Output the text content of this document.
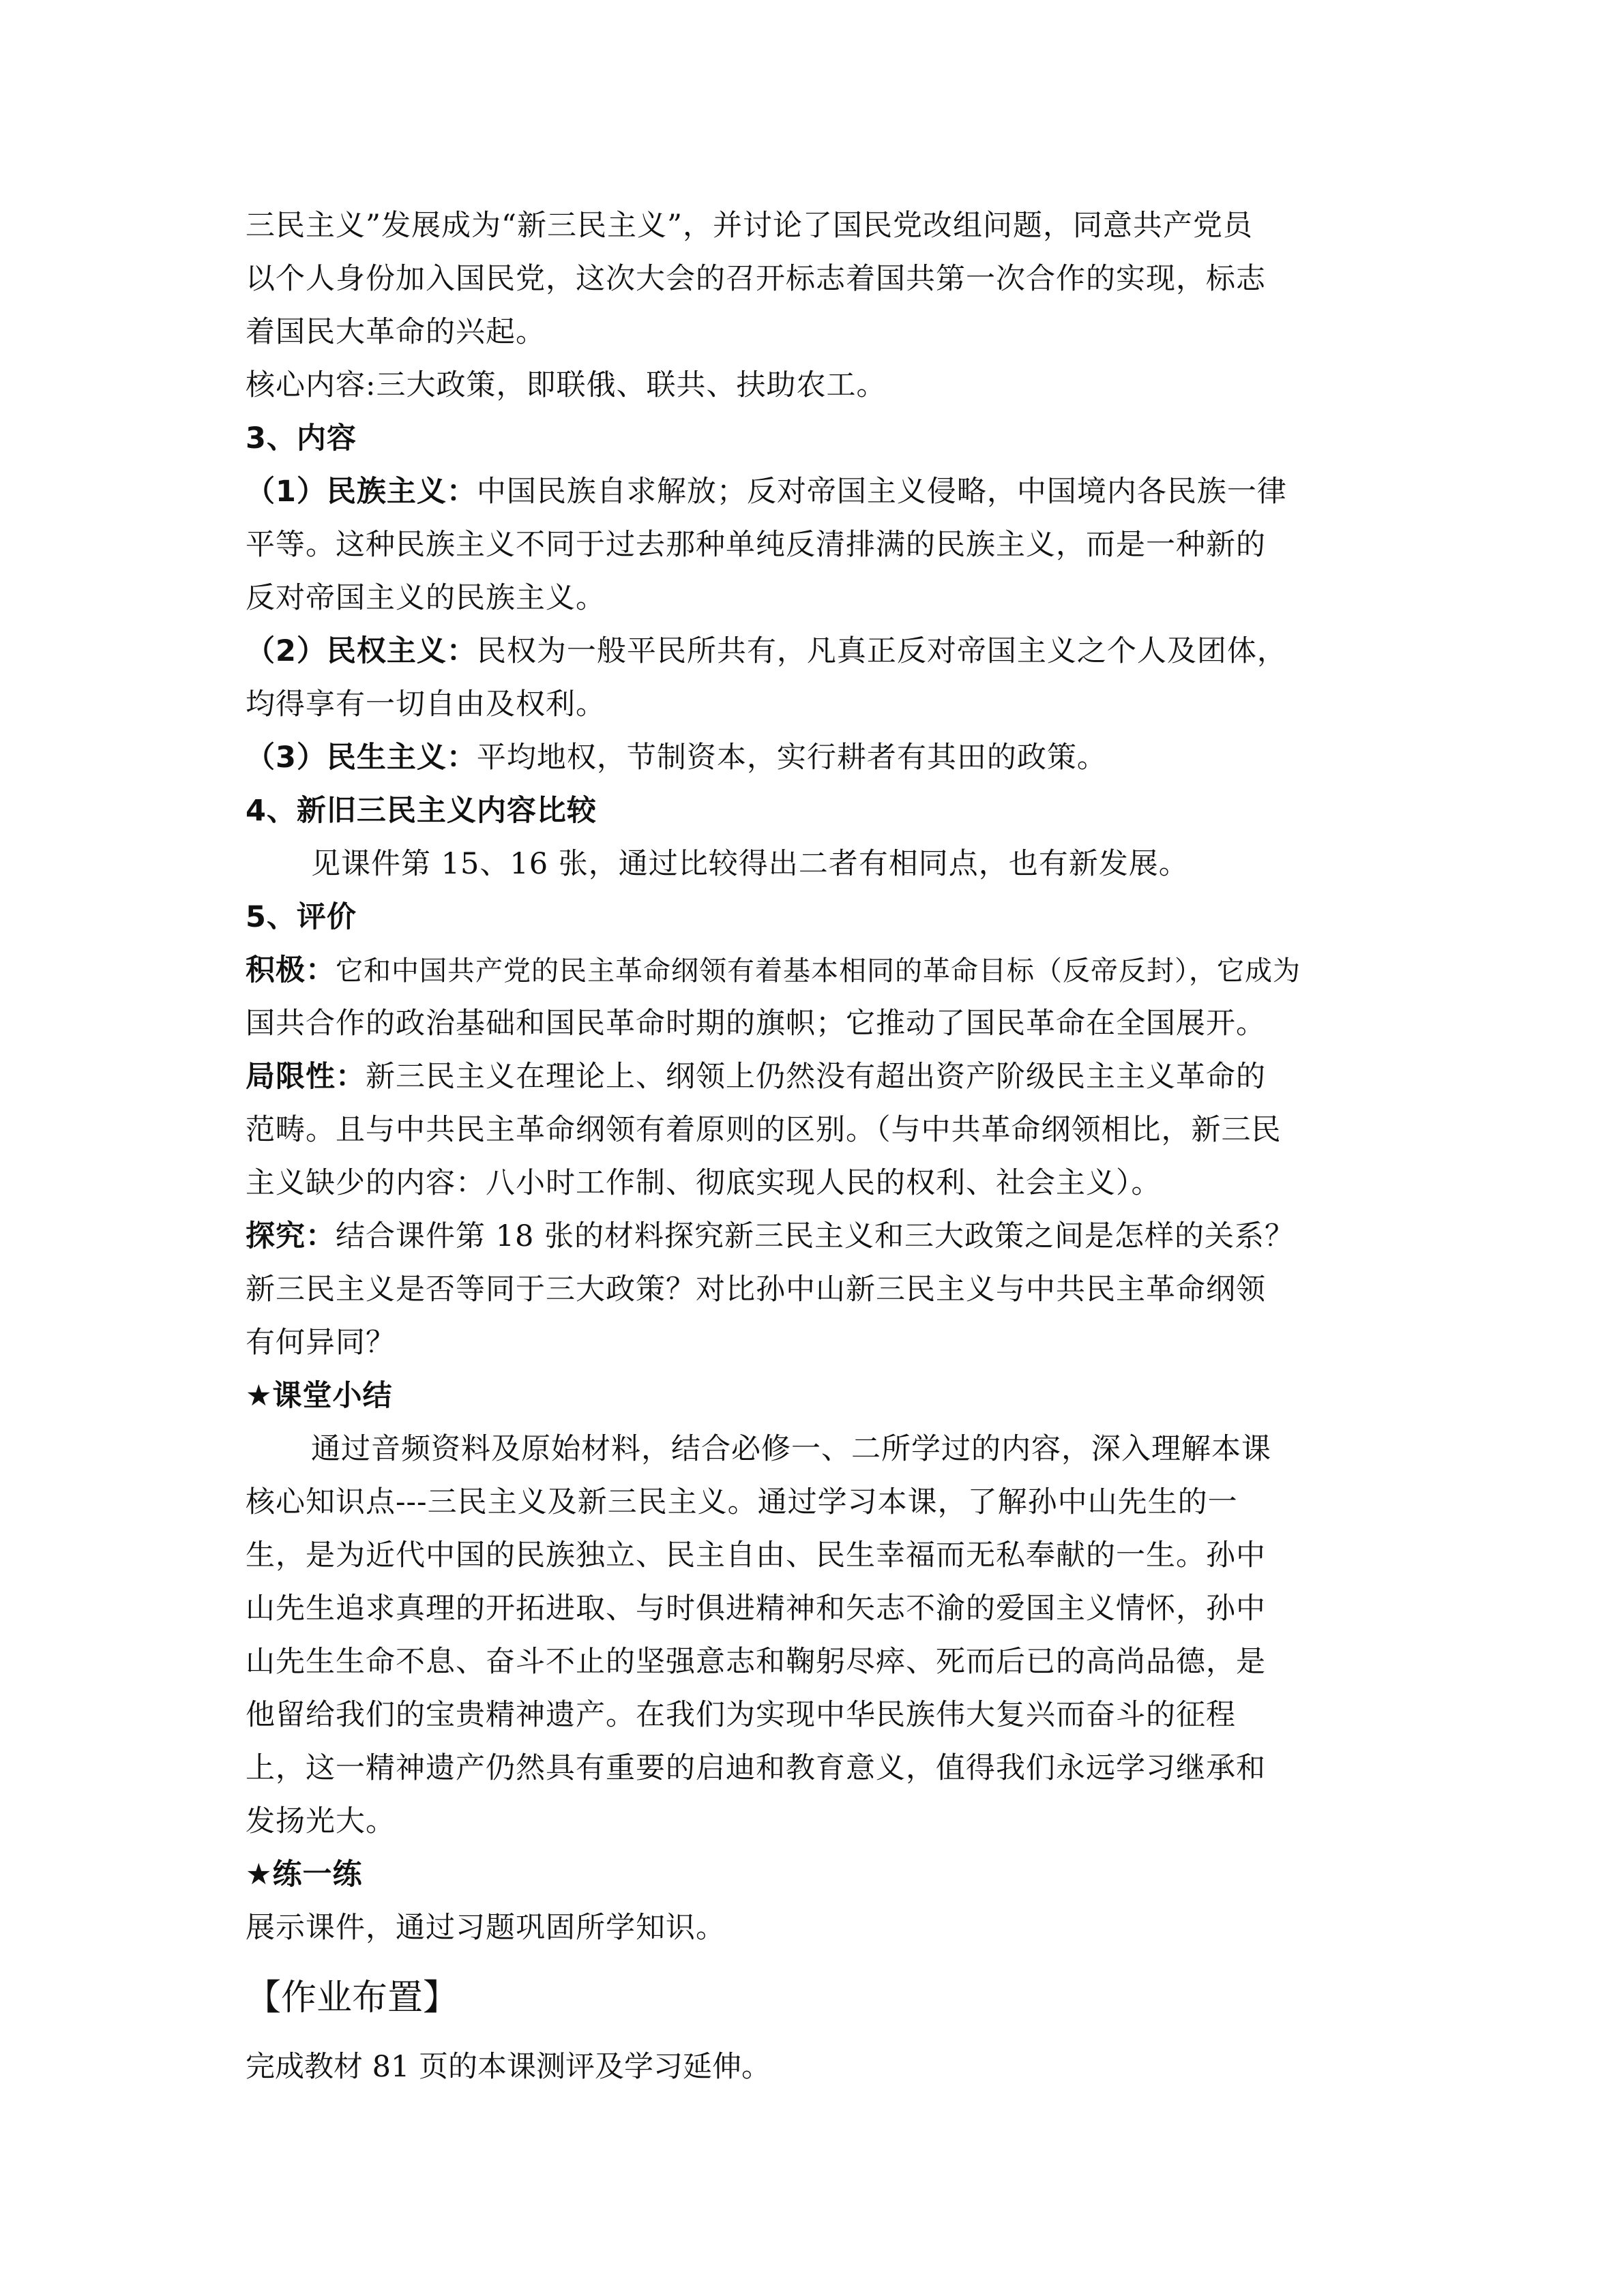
三民主义”发展成为“新三民主义”，并讨论了国民党改组问题，同意共产党员
以个人身份加入国民党，这次大会的召开标志着国共第一次合作的实现，标志
着国民大革命的兴起。
核心内容:三大政策，即联俄、联共、扶助农工。
3、内容
（1）民族主义：中国民族自求解放；反对帝国主义侵略，中国境内各民族一律
平等。这种民族主义不同于过去那种单纯反清排满的民族主义，而是一种新的
反对帝国主义的民族主义。
（2）民权主义：民权为一般平民所共有，凡真正反对帝国主义之个人及团体，
均得享有一切自由及权利。
（3）民生主义：平均地权，节制资本，实行耕者有其田的政策。
4、新旧三民主义内容比较
见课件第 15、16 张，通过比较得出二者有相同点，也有新发展。
5、评价
积极：它和中国共产党的民主革命纲领有着基本相同的革命目标（反帝反封），它成为
国共合作的政治基础和国民革命时期的旗帜；它推动了国民革命在全国展开。
局限性：新三民主义在理论上、纲领上仍然没有超出资产阶级民主主义革命的
范畴。且与中共民主革命纲领有着原则的区别。（与中共革命纲领相比，新三民
主义缺少的内容：八小时工作制、彻底实现人民的权利、社会主义）。
探究：结合课件第 18 张的材料探究新三民主义和三大政策之间是怎样的关系？
新三民主义是否等同于三大政策？对比孙中山新三民主义与中共民主革命纲领
有何异同？
★课堂小结
通过音频资料及原始材料，结合必修一、二所学过的内容，深入理解本课
核心知识点---三民主义及新三民主义。通过学习本课，了解孙中山先生的一
生，是为近代中国的民族独立、民主自由、民生幸福而无私奉献的一生。孙中
山先生追求真理的开拓进取、与时俱进精神和矢志不渝的爱国主义情怀，孙中
山先生生命不息、奋斗不止的坚强意志和鞠躬尽瘁、死而后已的高尚品德，是
他留给我们的宝贵精神遗产。在我们为实现中华民族伟大复兴而奋斗的征程
上，这一精神遗产仍然具有重要的启迪和教育意义，值得我们永远学习继承和
发扬光大。
★练一练
展示课件，通过习题巩固所学知识。
【作业布置】
完成教材 81 页的本课测评及学习延伸。
